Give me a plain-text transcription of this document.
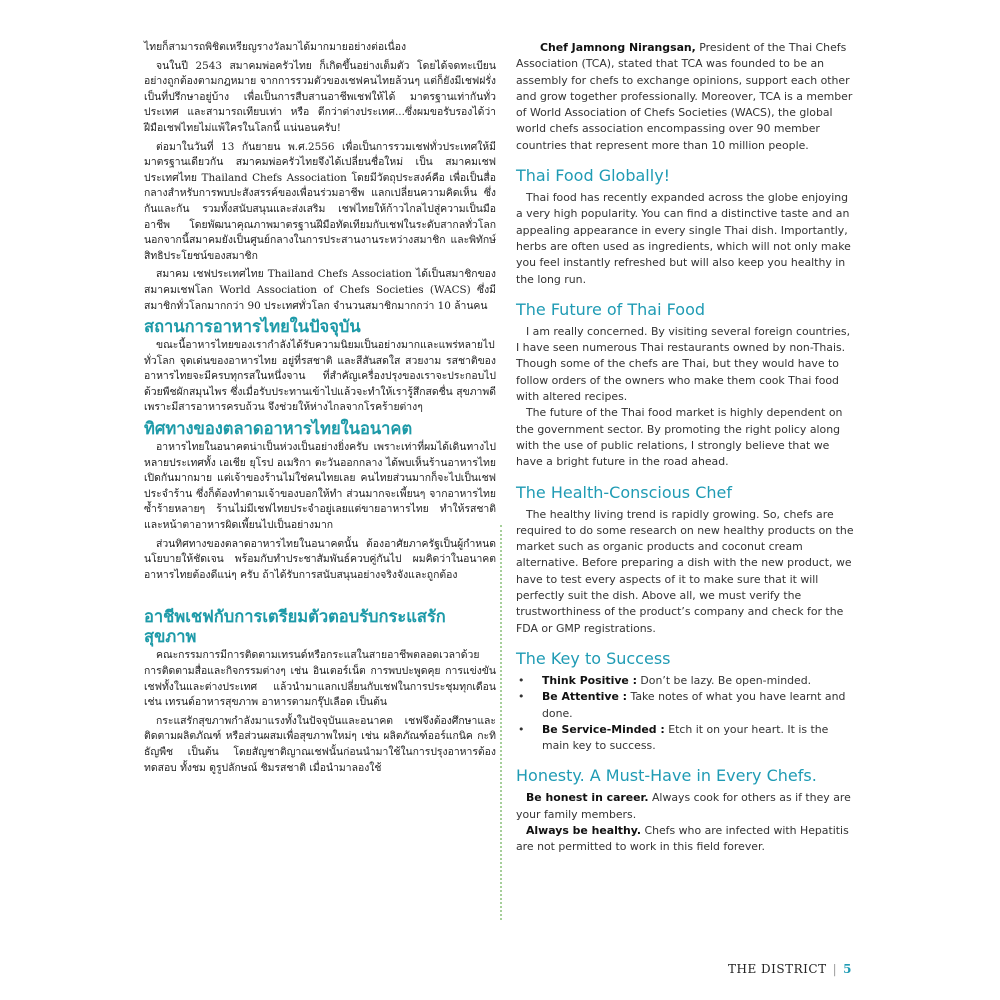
ไทยก็สามารถพิชิตเหรียญรางวัลมาได้มากมายอย่างต่อเนื่อง

จนในปี 2543 สมาคมพ่อครัวไทย ก็เกิดขึ้นอย่างเต็มตัว โดยได้จดทะเบียนอย่างถูกต้องตามกฎหมาย จากการรวมตัวของเชฟคนไทยล้วนๆ แต่ก็ยังมีเชฟฝรั่งเป็นที่ปรึกษาอยู่บ้าง เพื่อเป็นการสืบสานอาชีพเชฟให้ได้ มาตรฐานเท่ากันทั่วประเทศ และสามารถเทียบเท่า หรือ ดีกว่าต่างประเทศ...ซึ่งผมขอรับรองได้ว่าฝีมือเชฟไทยไม่แพ้ใครในโลกนี้ แน่นอนครับ!

ต่อมาในวันที่ 13 กันยายน พ.ศ.2556 เพื่อเป็นการรวมเชฟทั่วประเทศให้มีมาตรฐานเดียวกัน สมาคมพ่อครัวไทยจึงได้เปลี่ยนชื่อใหม่ เป็น สมาคมเชฟประเทศไทย Thailand Chefs Association โดยมีวัตถุประสงค์คือ เพื่อเป็นสื่อกลางสำหรับการพบปะสังสรรค์ของเพื่อนร่วมอาชีพ แลกเปลี่ยนความคิดเห็น ซึ่งกันและกัน รวมทั้งสนับสนุนและส่งเสริม เชฟไทยให้ก้าวไกลไปสู่ความเป็นมืออาชีพ โดยพัฒนาคุณภาพมาตรฐานฝีมือทัดเทียมกับเชฟในระดับสากลทั่วโลก นอกจากนี้สมาคมยังเป็นศูนย์กลางในการประสานงานระหว่างสมาชิก และพิทักษ์สิทธิประโยชน์ของสมาชิก

สมาคม เชฟประเทศไทย Thailand Chefs Association ได้เป็นสมาชิกของ สมาคมเชฟโลก World Association of Chefs Societies (WACS) ซึ่งมีสมาชิกทั่วโลกมากกว่า 90 ประเทศทั่วโลก จำนวนสมาชิกมากกว่า 10 ล้านคน

สถานการอาหารไทยในปัจจุบัน

ขณะนี้อาหารไทยของเรากำลังได้รับความนิยมเป็นอย่างมากและแพร่หลายไปทั่วโลก จุดเด่นของอาหารไทย อยู่ที่รสชาติ และสีสันสดใส สวยงาม รสชาติของอาหารไทยจะมีครบทุกรสในหนึ่งจาน ที่สำคัญเครื่องปรุงของเราจะประกอบไปด้วยพืชผักสมุนไพร ซึ่งเมื่อรับประทานเข้าไปแล้วจะทำให้เรารู้สึกสดชื่น สุขภาพดี เพราะมีสารอาหารครบถ้วน จึงช่วยให้ห่างไกลจากโรคร้ายต่างๆ

ทิศทางของตลาดอาหารไทยในอนาคต

อาหารไทยในอนาคตน่าเป็นห่วงเป็นอย่างยิ่งครับ เพราะเท่าที่ผมได้เดินทางไปหลายประเทศทั้ง เอเชีย ยุโรป อเมริกา ตะวันออกกลาง ได้พบเห็นร้านอาหารไทยเปิดกันมากมาย แต่เจ้าของร้านไม่ใช่คนไทยเลย คนไทยส่วนมากก็จะไปเป็นเชฟประจำร้าน ซึ่งก็ต้องทำตามเจ้าของบอกให้ทำ ส่วนมากจะเพี้ยนๆ จากอาหารไทย ซ้ำร้ายหลายๆ ร้านไม่มีเชฟไทยประจำอยู่เลยแต่ขายอาหารไทย ทำให้รสชาติและหน้าตาอาหารผิดเพี้ยนไปเป็นอย่างมาก

ส่วนทิศทางของตลาดอาหารไทยในอนาคตนั้น ต้องอาศัยภาครัฐเป็นผู้กำหนดนโยบายให้ชัดเจน พร้อมกับทำประชาสัมพันธ์ควบคู่กันไป ผมคิดว่าในอนาคตอาหารไทยต้องดีแน่ๆ ครับ ถ้าได้รับการสนับสนุนอย่างจริงจังและถูกต้อง

อาชีพเชฟกับการเตรียมตัวตอบรับกระแสรักสุขภาพ

คณะกรรมการมีการติดตามเทรนด์หรือกระแสในสายอาชีพตลอดเวลาด้วยการติดตามสื่อและกิจกรรมต่างๆ เช่น อินเตอร์เน็ต การพบปะพูดคุย การแข่งขันเชฟทั้งในและต่างประเทศ แล้วนำมาแลกเปลี่ยนกับเชฟในการประชุมทุกเดือน เช่น เทรนด์อาหารสุขภาพ อาหารตามกรุ๊ปเลือด เป็นต้น

กระแสรักสุขภาพกำลังมาแรงทั้งในปัจจุบันและอนาคต เชฟจึงต้องศึกษาและติดตามผลิตภัณฑ์ หรือส่วนผสมเพื่อสุขภาพใหม่ๆ เช่น ผลิตภัณฑ์ออร์แกนิค กะทิธัญพืช เป็นต้น โดยสัญชาติญาณเชฟนั้นก่อนนำมาใช้ในการปรุงอาหารต้องทดสอบ ทั้งชม ดูรูปลักษณ์ ชิมรสชาติ เมื่อนำมาลองใช้

Chef Jamnong Nirangsan, President of the Thai Chefs Association (TCA), stated that TCA was founded to be an assembly for chefs to exchange opinions, support each other and grow together professionally. Moreover, TCA is a member of World Association of Chefs Societies (WACS), the global world chefs association encompassing over 90 member countries that represent more than 10 million people.

Thai Food Globally!

Thai food has recently expanded across the globe enjoying a very high popularity. You can find a distinctive taste and an appealing appearance in every single Thai dish. Importantly, herbs are often used as ingredients, which will not only make you feel instantly refreshed but will also keep you healthy in the long run.

The Future of Thai Food

I am really concerned. By visiting several foreign countries, I have seen numerous Thai restaurants owned by non-Thais. Though some of the chefs are Thai, but they would have to follow orders of the owners who make them cook Thai food with altered recipes.

The future of the Thai food market is highly dependent on the government sector. By promoting the right policy along with the use of public relations, I strongly believe that we have a bright future in the road ahead.

The Health-Conscious Chef

The healthy living trend is rapidly growing. So, chefs are required to do some research on new healthy products on the market such as organic products and coconut cream alternative. Before preparing a dish with the new product, we have to test every aspects of it to make sure that it will perfectly suit the dish. Above all, we must verify the trustworthiness of the product’s company and check for the FDA or GMP registrations.

The Key to Success
• Think Positive : Don’t be lazy. Be open-minded.
• Be Attentive : Take notes of what you have learnt and done.
• Be Service-Minded : Etch it on your heart. It is the main key to success.
Honesty. A Must-Have in Every Chefs.

Be honest in career. Always cook for others as if they are your family members.

Always be healthy. Chefs who are infected with Hepatitis are not permitted to work in this field forever.

THE DISTRICT | 5
